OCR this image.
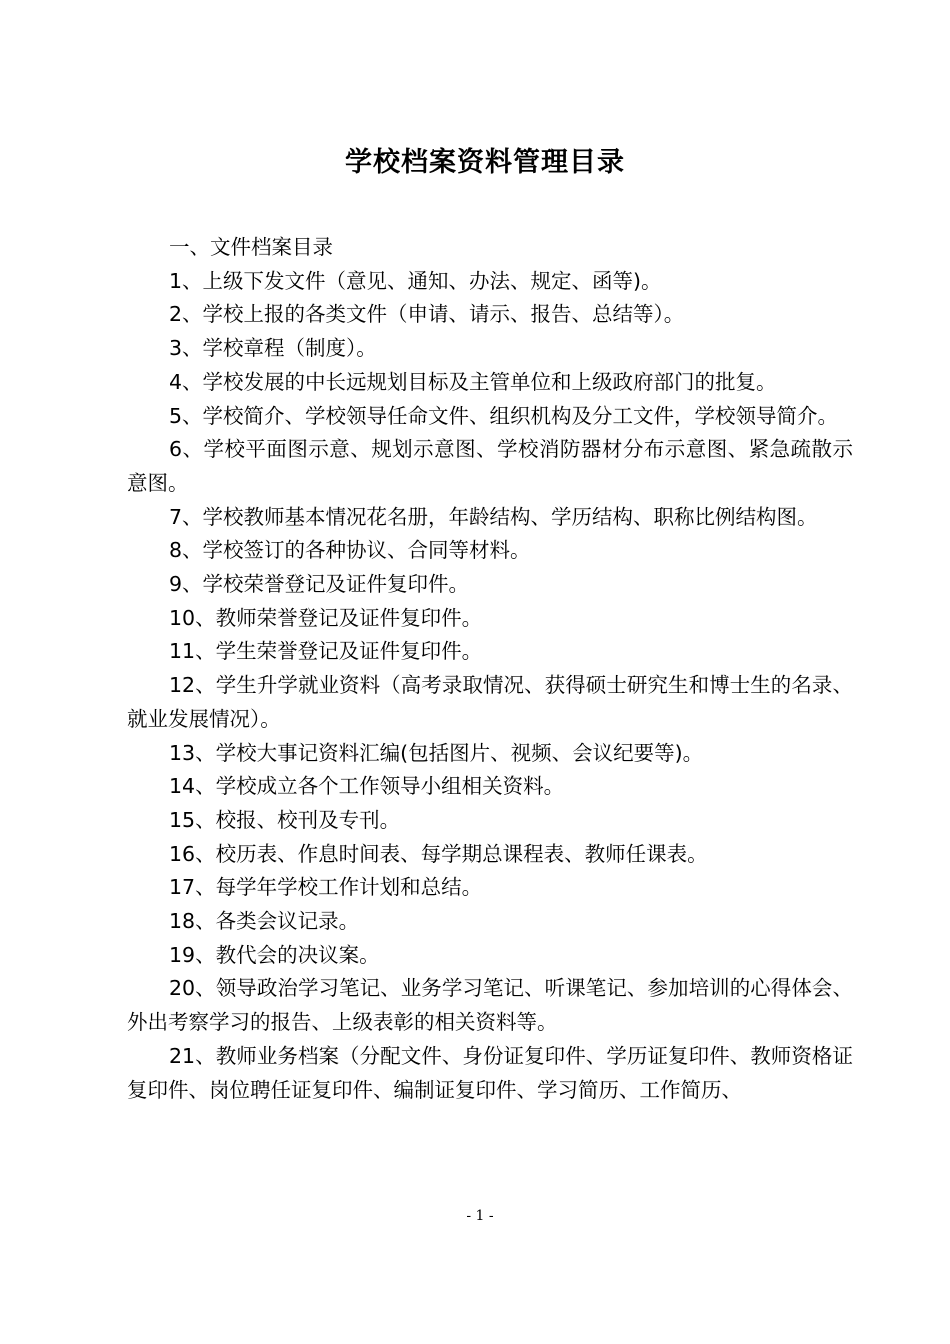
学校档案资料管理目录

一、文件档案目录

1、上级下发文件（意见、通知、办法、规定、函等)。

2、学校上报的各类文件（申请、请示、报告、总结等）。

3、学校章程（制度）。

4、学校发展的中长远规划目标及主管单位和上级政府部门的批复。

5、学校简介、学校领导任命文件、组织机构及分工文件，学校领导简介。

6、学校平面图示意、规划示意图、学校消防器材分布示意图、紧急疏散示意图。

7、学校教师基本情况花名册，年龄结构、学历结构、职称比例结构图。

8、学校签订的各种协议、合同等材料。

9、学校荣誉登记及证件复印件。

10、教师荣誉登记及证件复印件。

11、学生荣誉登记及证件复印件。

12、学生升学就业资料（高考录取情况、获得硕士研究生和博士生的名录、就业发展情况）。

13、学校大事记资料汇编(包括图片、视频、会议纪要等)。

14、学校成立各个工作领导小组相关资料。

15、校报、校刊及专刊。

16、校历表、作息时间表、每学期总课程表、教师任课表。

17、每学年学校工作计划和总结。

18、各类会议记录。

19、教代会的决议案。

20、领导政治学习笔记、业务学习笔记、听课笔记、参加培训的心得体会、外出考察学习的报告、上级表彰的相关资料等。

21、教师业务档案（分配文件、身份证复印件、学历证复印件、教师资格证复印件、岗位聘任证复印件、编制证复印件、学习简历、工作简历、

- 1 -
